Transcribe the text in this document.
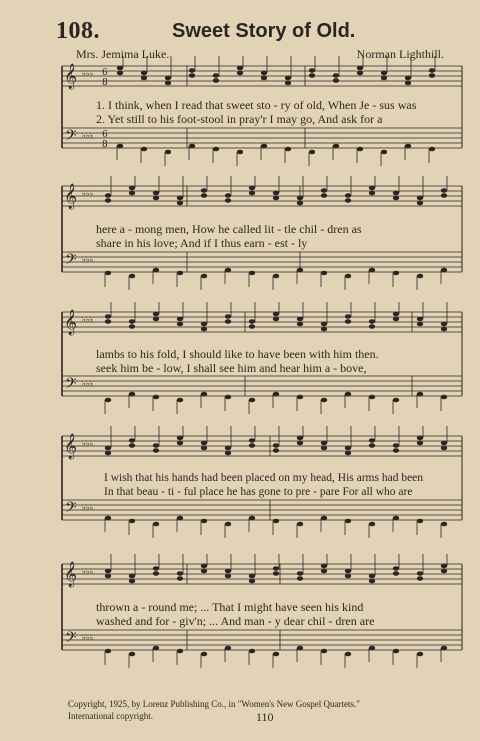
108.	Sweet Story of Old.
Mrs. Jemima Luke.	Norman Lighthill.
𝄞
𝄢
♭♭♭
♭♭♭
6
8
6
8
𝄞
𝄢
♭♭♭
♭♭♭
𝄞
𝄢
♭♭♭
♭♭♭
𝄞
𝄢
♭♭♭
♭♭♭
𝄞
𝄢
♭♭♭
♭♭♭
1. I think, when I read that sweet sto - ry of old, When Je - sus was
2. Yet still to his foot-stool in pray'r I may go, And ask for a
here a - mong men, How he called lit - tle chil - dren as
share in his love; And if I thus earn - est - ly
lambs to his fold, I should like to have been with him then.
seek him be - low, I shall see him and hear him a - bove,
I wish that his hands had been placed on my head, His arms had been
In that beau - ti - ful place he has gone to pre - pare For all who are
thrown a - round me; ... That I might have seen his kind
washed and for - giv'n; ... And man - y dear chil - dren are
Copyright, 1925, by Lorenz Publishing Co., in "Women's New Gospel Quartets."
International copyright.	110
